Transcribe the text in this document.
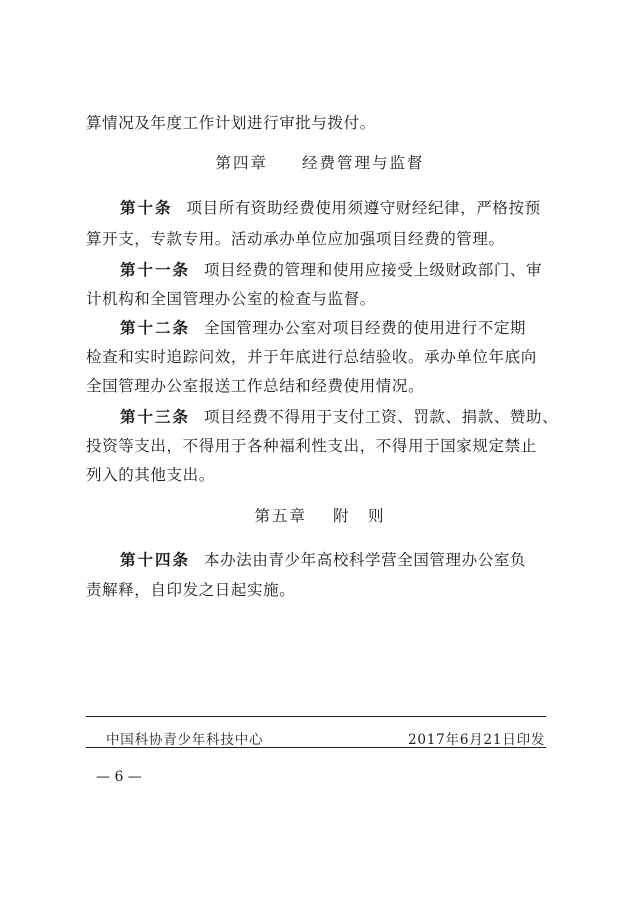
算情况及年度工作计划进行审批与拨付。
第四章 经费管理与监督
第十条 项目所有资助经费使用须遵守财经纪律，严格按预
算开支，专款专用。活动承办单位应加强项目经费的管理。
第十一条 项目经费的管理和使用应接受上级财政部门、审
计机构和全国管理办公室的检查与监督。
第十二条 全国管理办公室对项目经费的使用进行不定期
检查和实时追踪问效，并于年底进行总结验收。承办单位年底向
全国管理办公室报送工作总结和经费使用情况。
第十三条 项目经费不得用于支付工资、罚款、捐款、赞助、
投资等支出，不得用于各种福利性支出，不得用于国家规定禁止
列入的其他支出。
第五章 附　则
第十四条 本办法由青少年高校科学营全国管理办公室负
责解释，自印发之日起实施。
中国科协青少年科技中心	2017年6月21日印发
— 6 —
